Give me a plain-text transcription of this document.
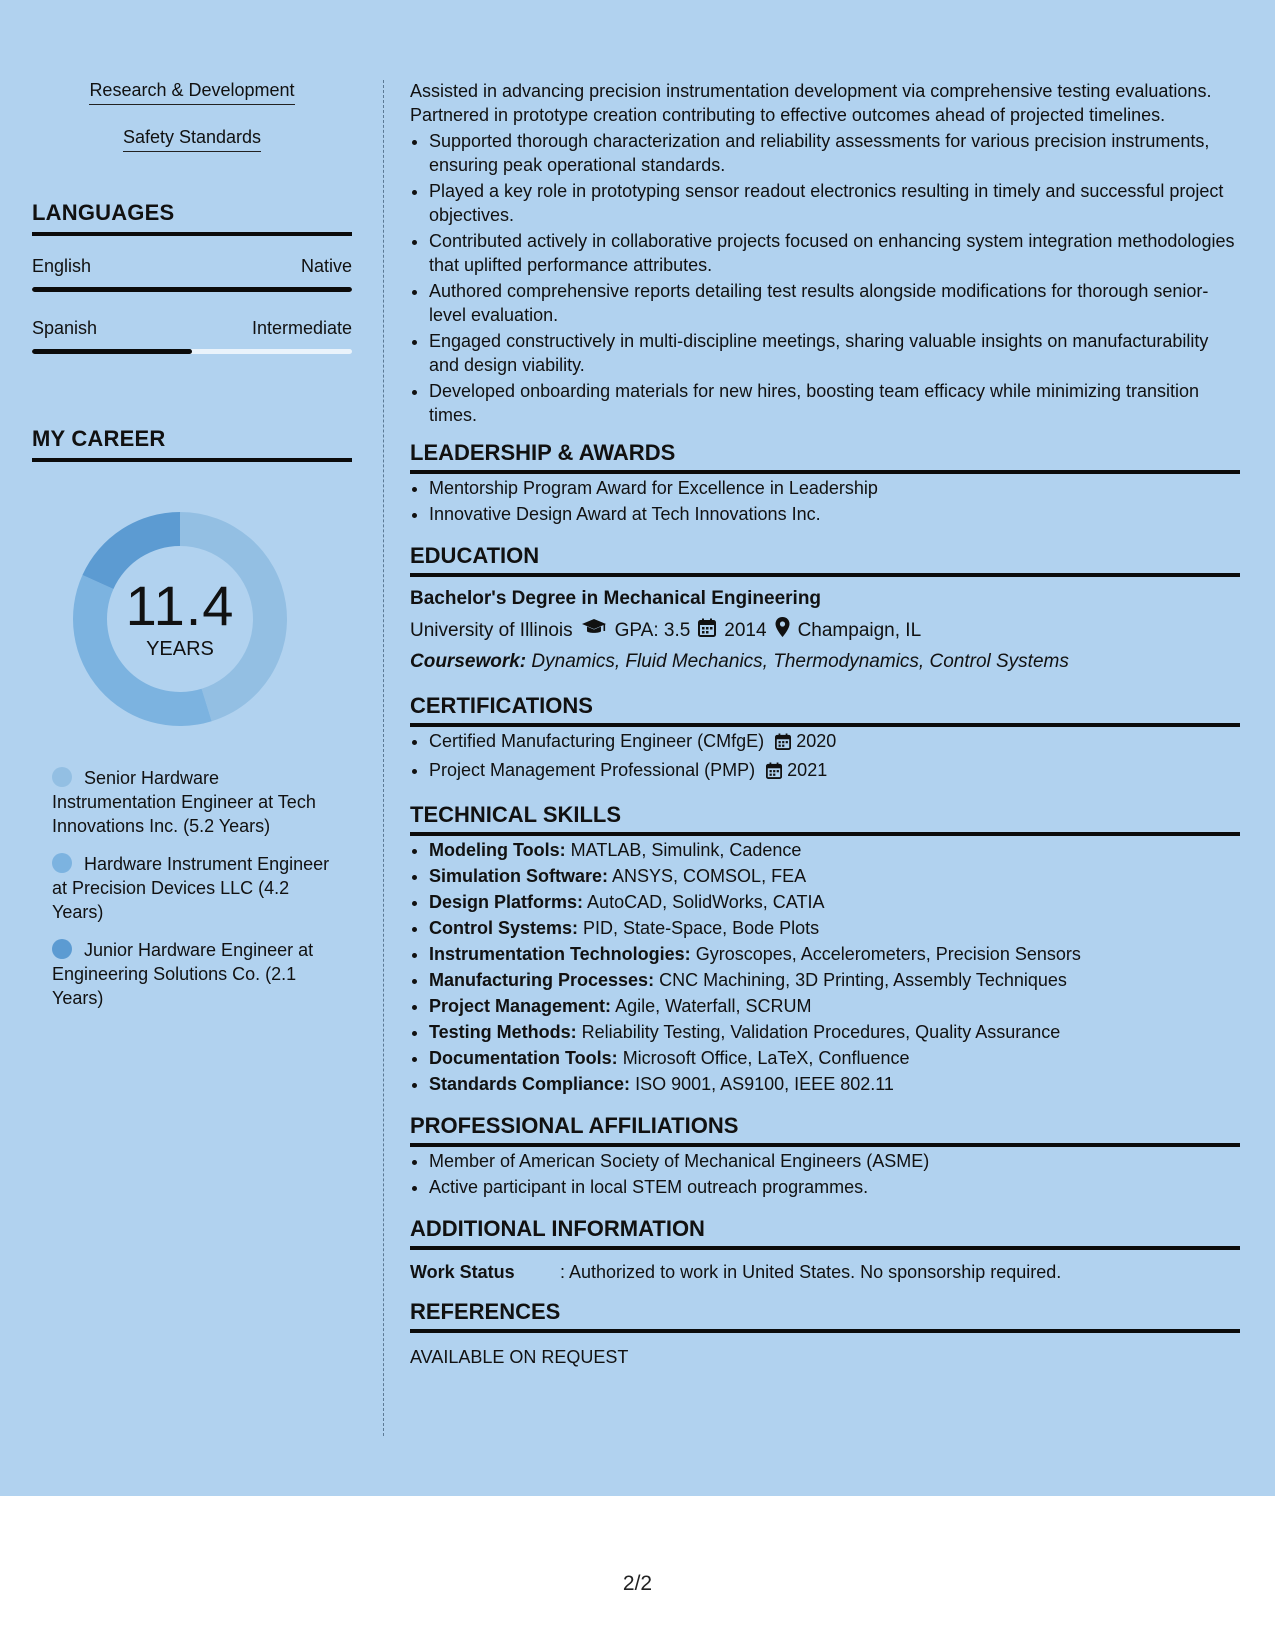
Research & Development
Safety Standards
LANGUAGES
English	Native
Spanish	Intermediate
MY CAREER
11.4
YEARS
Senior Hardware Instrumentation Engineer at Tech Innovations Inc. (5.2 Years)
Hardware Instrument Engineer at Precision Devices LLC (4.2 Years)
Junior Hardware Engineer at Engineering Solutions Co. (2.1 Years)

Assisted in advancing precision instrumentation development via comprehensive testing evaluations. Partnered in prototype creation contributing to effective outcomes ahead of projected timelines.

• Supported thorough characterization and reliability assessments for various precision instruments, ensuring peak operational standards.
• Played a key role in prototyping sensor readout electronics resulting in timely and successful project objectives.
• Contributed actively in collaborative projects focused on enhancing system integration methodologies that uplifted performance attributes.
• Authored comprehensive reports detailing test results alongside modifications for thorough senior-level evaluation.
• Engaged constructively in multi-discipline meetings, sharing valuable insights on manufacturability and design viability.
• Developed onboarding materials for new hires, boosting team efficacy while minimizing transition times.
LEADERSHIP & AWARDS
• Mentorship Program Award for Excellence in Leadership
• Innovative Design Award at Tech Innovations Inc.
EDUCATION
Bachelor's Degree in Mechanical Engineering
University of Illinois GPA: 3.5 2014 Champaign, IL
Coursework: Dynamics, Fluid Mechanics, Thermodynamics, Control Systems
CERTIFICATIONS
• Certified Manufacturing Engineer (CMfgE) 2020
• Project Management Professional (PMP) 2021
TECHNICAL SKILLS
• Modeling Tools: MATLAB, Simulink, Cadence
• Simulation Software: ANSYS, COMSOL, FEA
• Design Platforms: AutoCAD, SolidWorks, CATIA
• Control Systems: PID, State-Space, Bode Plots
• Instrumentation Technologies: Gyroscopes, Accelerometers, Precision Sensors
• Manufacturing Processes: CNC Machining, 3D Printing, Assembly Techniques
• Project Management: Agile, Waterfall, SCRUM
• Testing Methods: Reliability Testing, Validation Procedures, Quality Assurance
• Documentation Tools: Microsoft Office, LaTeX, Confluence
• Standards Compliance: ISO 9001, AS9100, IEEE 802.11
PROFESSIONAL AFFILIATIONS
• Member of American Society of Mechanical Engineers (ASME)
• Active participant in local STEM outreach programmes.
ADDITIONAL INFORMATION
Work Status	: Authorized to work in United States. No sponsorship required.
REFERENCES
AVAILABLE ON REQUEST
2/2
